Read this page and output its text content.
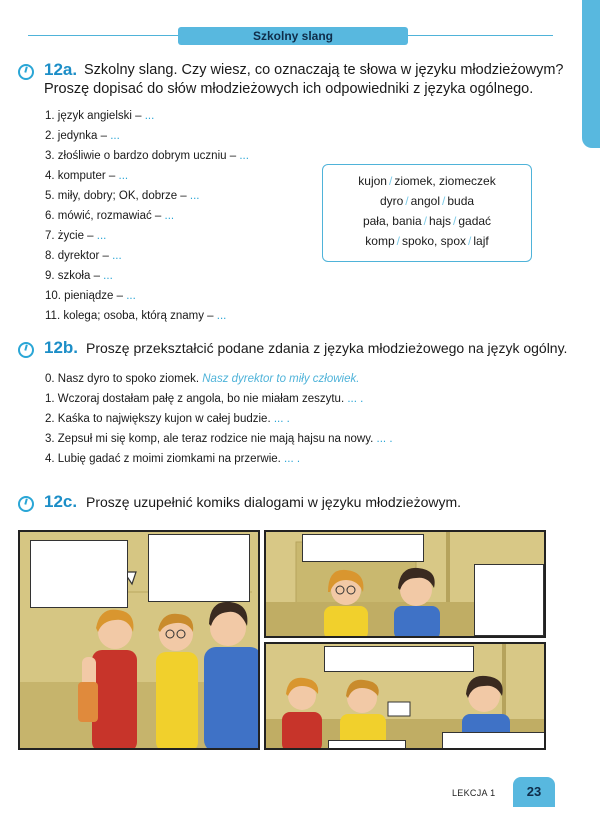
Szkolny slang
12a. Szkolny slang. Czy wiesz, co oznaczają te słowa w języku młodzieżowym?
Proszę dopisać do słów młodzieżowych ich odpowiedniki z języka ogólnego.
1. język angielski – ...
2. jedynka – ...
3. złośliwie o bardzo dobrym uczniu – ...
4. komputer – ...
5. miły, dobry; OK, dobrze – ...
6. mówić, rozmawiać – ...
7. życie – ...
8. dyrektor – ...
9. szkoła – ...
10. pieniądze – ...
11. kolega; osoba, którą znamy – ...
kujon / ziomek, ziomeczek
dyro / angol / buda
pała, bania / hajs / gadać
komp / spoko, spox / lajf
12b. Proszę przekształcić podane zdania z języka młodzieżowego na język ogólny.
0. Nasz dyro to spoko ziomek. Nasz dyrektor to miły człowiek.
1. Wczoraj dostałam pałę z angola, bo nie miałam zeszytu. ... .
2. Kaśka to największy kujon w całej budzie. ... .
3. Zepsuł mi się komp, ale teraz rodzice nie mają hajsu na nowy. ... .
4. Lubię gadać z moimi ziomkami na przerwie. ... .
12c. Proszę uzupełnić komiks dialogami w języku młodzieżowym.
LEKCJA 1	23
